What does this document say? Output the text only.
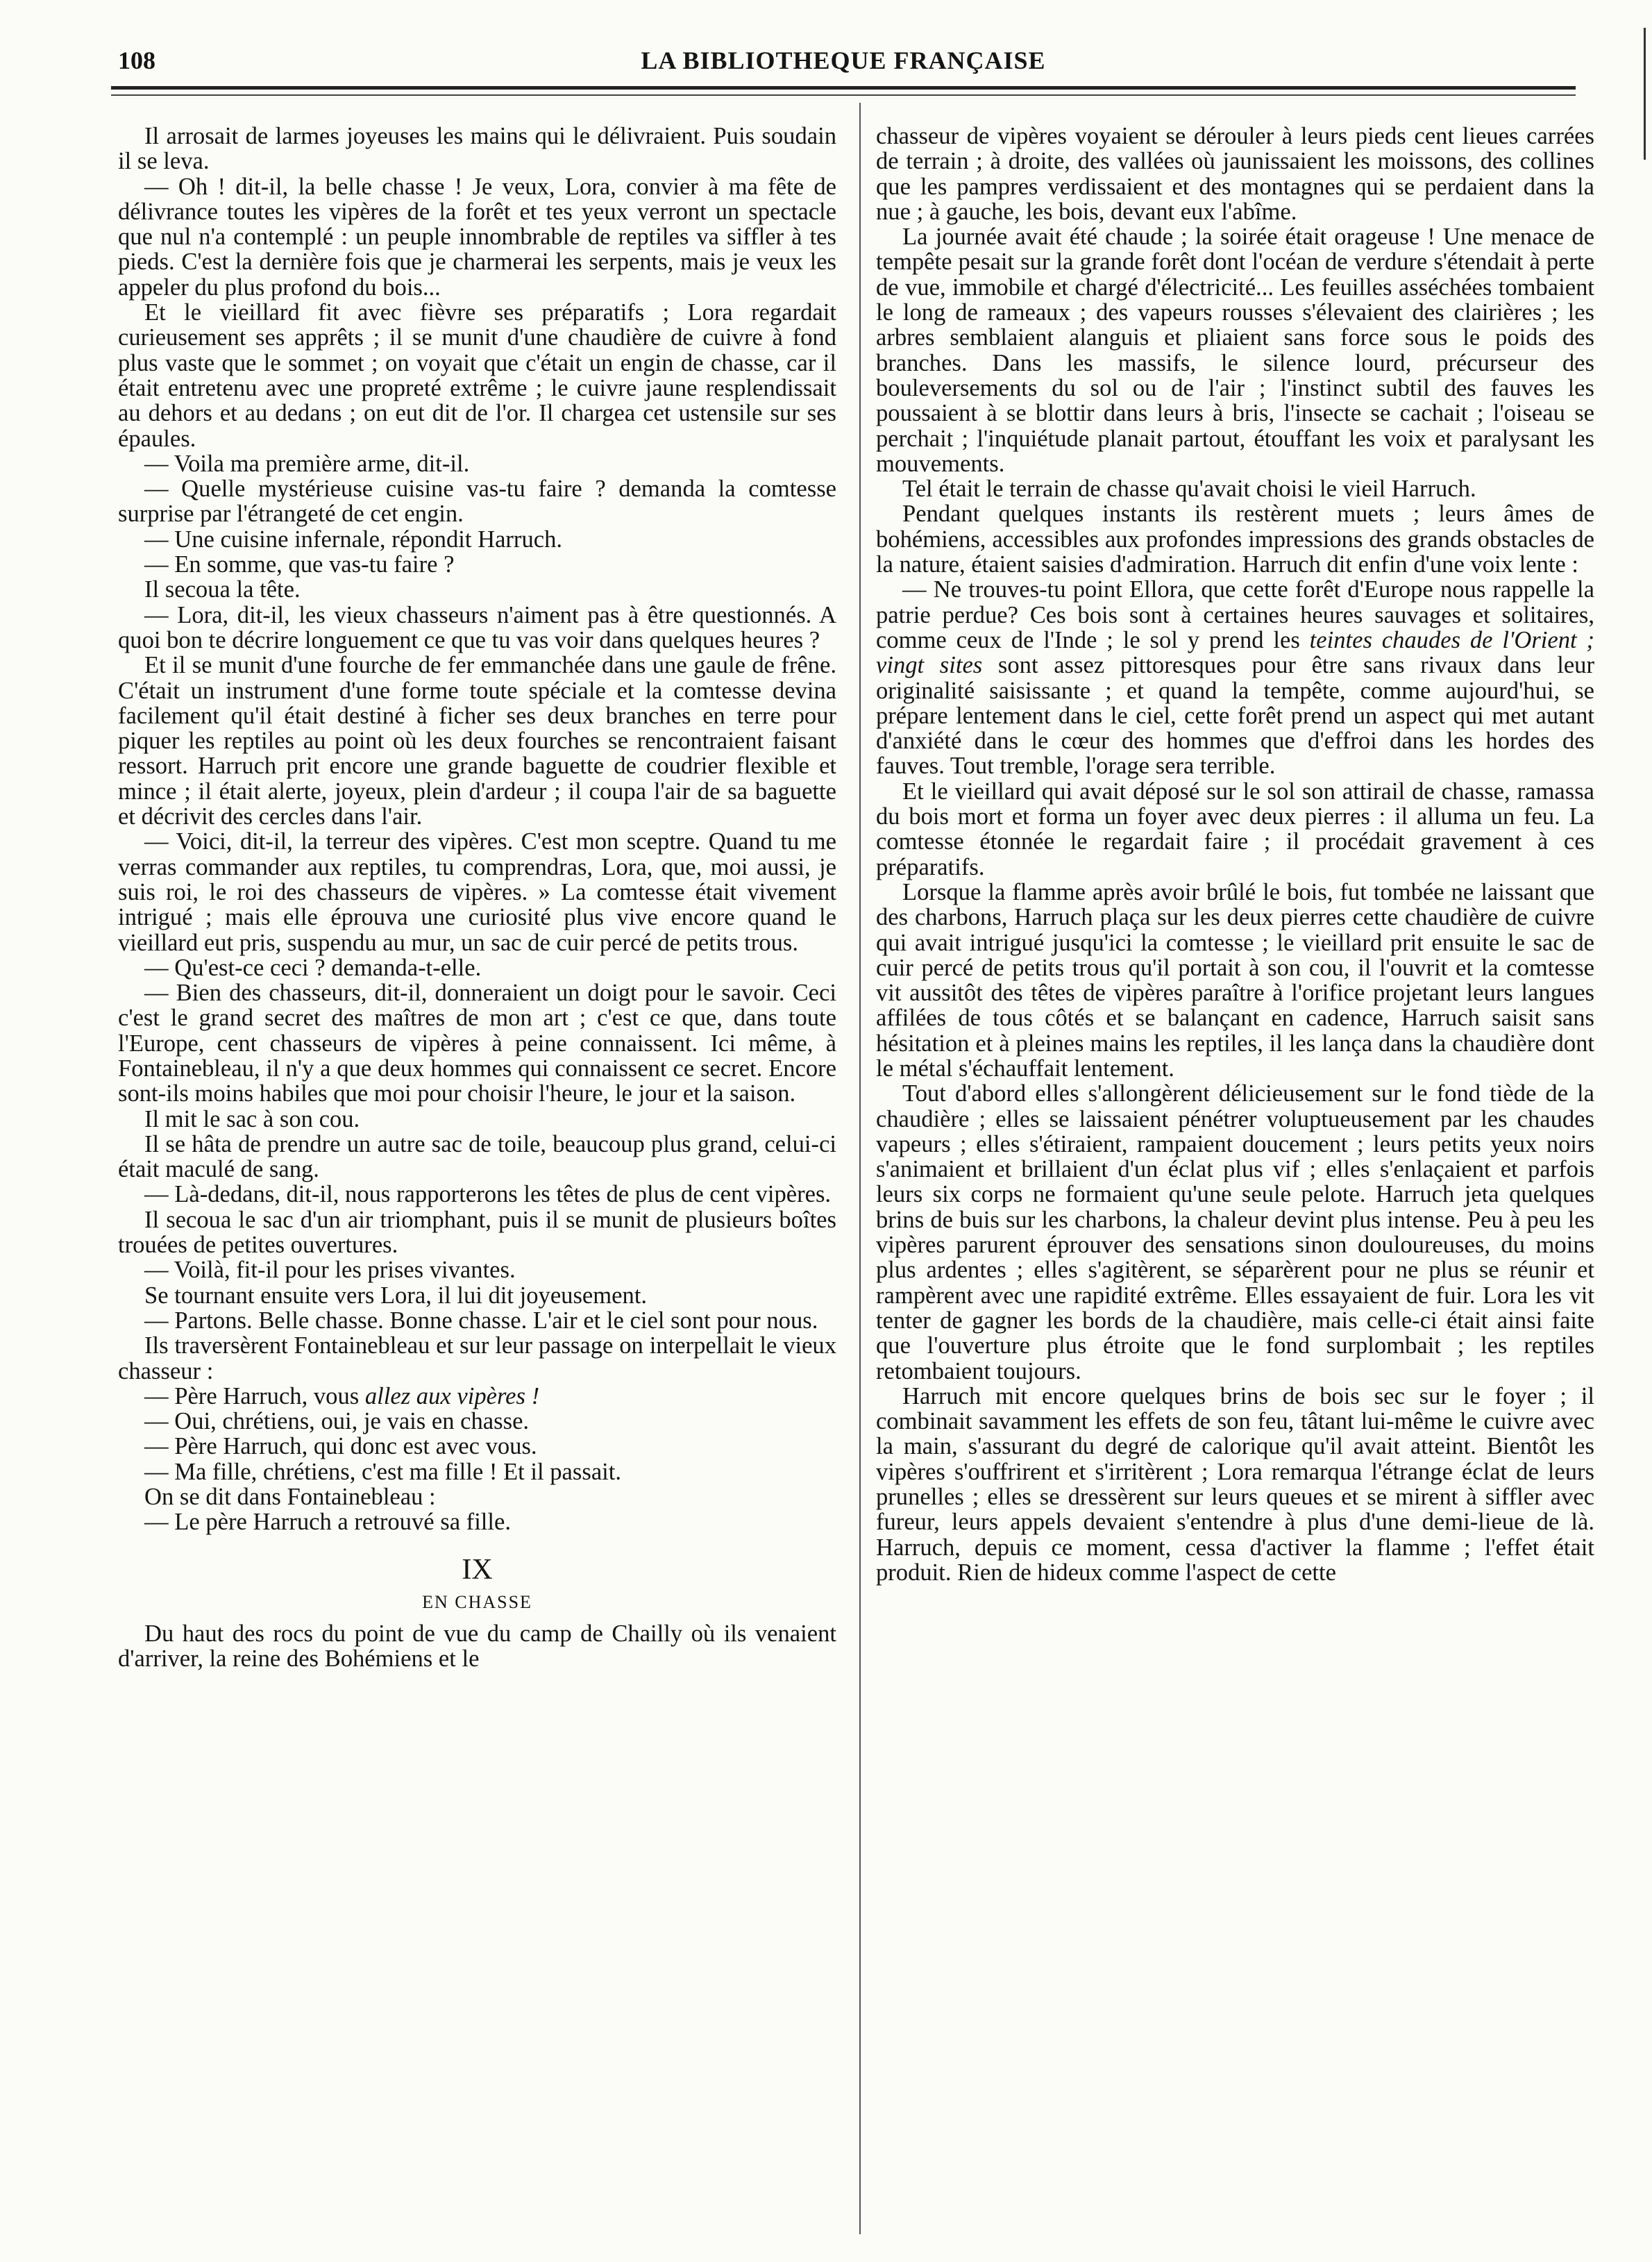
108	LA BIBLIOTHEQUE FRANÇAISE

Il arrosait de larmes joyeuses les mains qui le délivraient. Puis soudain il se leva.

— Oh ! dit-il, la belle chasse ! Je veux, Lora, convier à ma fête de délivrance toutes les vipères de la forêt et tes yeux verront un spectacle que nul n'a contemplé : un peuple innombrable de reptiles va siffler à tes pieds. C'est la dernière fois que je charmerai les serpents, mais je veux les appeler du plus profond du bois...

Et le vieillard fit avec fièvre ses préparatifs ; Lora regardait curieusement ses apprêts ; il se munit d'une chaudière de cuivre à fond plus vaste que le sommet ; on voyait que c'était un engin de chasse, car il était entretenu avec une propreté extrême ; le cuivre jaune resplendissait au dehors et au dedans ; on eut dit de l'or. Il chargea cet ustensile sur ses épaules.

— Voila ma première arme, dit-il.

— Quelle mystérieuse cuisine vas-tu faire ? demanda la comtesse surprise par l'étrangeté de cet engin.

— Une cuisine infernale, répondit Harruch.

— En somme, que vas-tu faire ?

Il secoua la tête.

— Lora, dit-il, les vieux chasseurs n'aiment pas à être questionnés. A quoi bon te décrire longuement ce que tu vas voir dans quelques heures ?

Et il se munit d'une fourche de fer emmanchée dans une gaule de frêne. C'était un instrument d'une forme toute spéciale et la comtesse devina facilement qu'il était destiné à ficher ses deux branches en terre pour piquer les reptiles au point où les deux fourches se rencontraient faisant ressort. Harruch prit encore une grande baguette de coudrier flexible et mince ; il était alerte, joyeux, plein d'ardeur ; il coupa l'air de sa baguette et décrivit des cercles dans l'air.

— Voici, dit-il, la terreur des vipères. C'est mon sceptre. Quand tu me verras commander aux reptiles, tu comprendras, Lora, que, moi aussi, je suis roi, le roi des chasseurs de vipères. » La comtesse était vivement intrigué ; mais elle éprouva une curiosité plus vive encore quand le vieillard eut pris, suspendu au mur, un sac de cuir percé de petits trous.

— Qu'est-ce ceci ? demanda-t-elle.

— Bien des chasseurs, dit-il, donneraient un doigt pour le savoir. Ceci c'est le grand secret des maîtres de mon art ; c'est ce que, dans toute l'Europe, cent chasseurs de vipères à peine connaissent. Ici même, à Fontainebleau, il n'y a que deux hommes qui connaissent ce secret. Encore sont-ils moins habiles que moi pour choisir l'heure, le jour et la saison.

Il mit le sac à son cou.

Il se hâta de prendre un autre sac de toile, beaucoup plus grand, celui-ci était maculé de sang.

— Là-dedans, dit-il, nous rapporterons les têtes de plus de cent vipères.

Il secoua le sac d'un air triomphant, puis il se munit de plusieurs boîtes trouées de petites ouvertures.

— Voilà, fit-il pour les prises vivantes.

Se tournant ensuite vers Lora, il lui dit joyeusement.

— Partons. Belle chasse. Bonne chasse. L'air et le ciel sont pour nous.

Ils traversèrent Fontainebleau et sur leur passage on interpellait le vieux chasseur :

— Père Harruch, vous allez aux vipères !

— Oui, chrétiens, oui, je vais en chasse.

— Père Harruch, qui donc est avec vous.

— Ma fille, chrétiens, c'est ma fille ! Et il passait.

On se dit dans Fontainebleau :

— Le père Harruch a retrouvé sa fille.

IX
EN CHASSE

Du haut des rocs du point de vue du camp de Chailly où ils venaient d'arriver, la reine des Bohémiens et le

chasseur de vipères voyaient se dérouler à leurs pieds cent lieues carrées de terrain ; à droite, des vallées où jaunissaient les moissons, des collines que les pampres verdissaient et des montagnes qui se perdaient dans la nue ; à gauche, les bois, devant eux l'abîme.

La journée avait été chaude ; la soirée était orageuse ! Une menace de tempête pesait sur la grande forêt dont l'océan de verdure s'étendait à perte de vue, immobile et chargé d'électricité... Les feuilles asséchées tombaient le long de rameaux ; des vapeurs rousses s'élevaient des clairières ; les arbres semblaient alanguis et pliaient sans force sous le poids des branches. Dans les massifs, le silence lourd, précurseur des bouleversements du sol ou de l'air ; l'instinct subtil des fauves les poussaient à se blottir dans leurs à bris, l'insecte se cachait ; l'oiseau se perchait ; l'inquiétude planait partout, étouffant les voix et paralysant les mouvements.

Tel était le terrain de chasse qu'avait choisi le vieil Harruch.

Pendant quelques instants ils restèrent muets ; leurs âmes de bohémiens, accessibles aux profondes impressions des grands obstacles de la nature, étaient saisies d'admiration. Harruch dit enfin d'une voix lente :

— Ne trouves-tu point Ellora, que cette forêt d'Europe nous rappelle la patrie perdue? Ces bois sont à certaines heures sauvages et solitaires, comme ceux de l'Inde ; le sol y prend les teintes chaudes de l'Orient ; vingt sites sont assez pittoresques pour être sans rivaux dans leur originalité saisissante ; et quand la tempête, comme aujourd'hui, se prépare lentement dans le ciel, cette forêt prend un aspect qui met autant d'anxiété dans le cœur des hommes que d'effroi dans les hordes des fauves. Tout tremble, l'orage sera terrible.

Et le vieillard qui avait déposé sur le sol son attirail de chasse, ramassa du bois mort et forma un foyer avec deux pierres : il alluma un feu. La comtesse étonnée le regardait faire ; il procédait gravement à ces préparatifs.

Lorsque la flamme après avoir brûlé le bois, fut tombée ne laissant que des charbons, Harruch plaça sur les deux pierres cette chaudière de cuivre qui avait intrigué jusqu'ici la comtesse ; le vieillard prit ensuite le sac de cuir percé de petits trous qu'il portait à son cou, il l'ouvrit et la comtesse vit aussitôt des têtes de vipères paraître à l'orifice projetant leurs langues affilées de tous côtés et se balançant en cadence, Harruch saisit sans hésitation et à pleines mains les reptiles, il les lança dans la chaudière dont le métal s'échauffait lentement.

Tout d'abord elles s'allongèrent délicieusement sur le fond tiède de la chaudière ; elles se laissaient pénétrer voluptueusement par les chaudes vapeurs ; elles s'étiraient, rampaient doucement ; leurs petits yeux noirs s'animaient et brillaient d'un éclat plus vif ; elles s'enlaçaient et parfois leurs six corps ne formaient qu'une seule pelote. Harruch jeta quelques brins de buis sur les charbons, la chaleur devint plus intense. Peu à peu les vipères parurent éprouver des sensations sinon douloureuses, du moins plus ardentes ; elles s'agitèrent, se séparèrent pour ne plus se réunir et rampèrent avec une rapidité extrême. Elles essayaient de fuir. Lora les vit tenter de gagner les bords de la chaudière, mais celle-ci était ainsi faite que l'ouverture plus étroite que le fond surplombait ; les reptiles retombaient toujours.

Harruch mit encore quelques brins de bois sec sur le foyer ; il combinait savamment les effets de son feu, tâtant lui-même le cuivre avec la main, s'assurant du degré de calorique qu'il avait atteint. Bientôt les vipères s'ouffrirent et s'irritèrent ; Lora remarqua l'étrange éclat de leurs prunelles ; elles se dressèrent sur leurs queues et se mirent à siffler avec fureur, leurs appels devaient s'entendre à plus d'une demi-lieue de là. Harruch, depuis ce moment, cessa d'activer la flamme ; l'effet était produit. Rien de hideux comme l'aspect de cette
